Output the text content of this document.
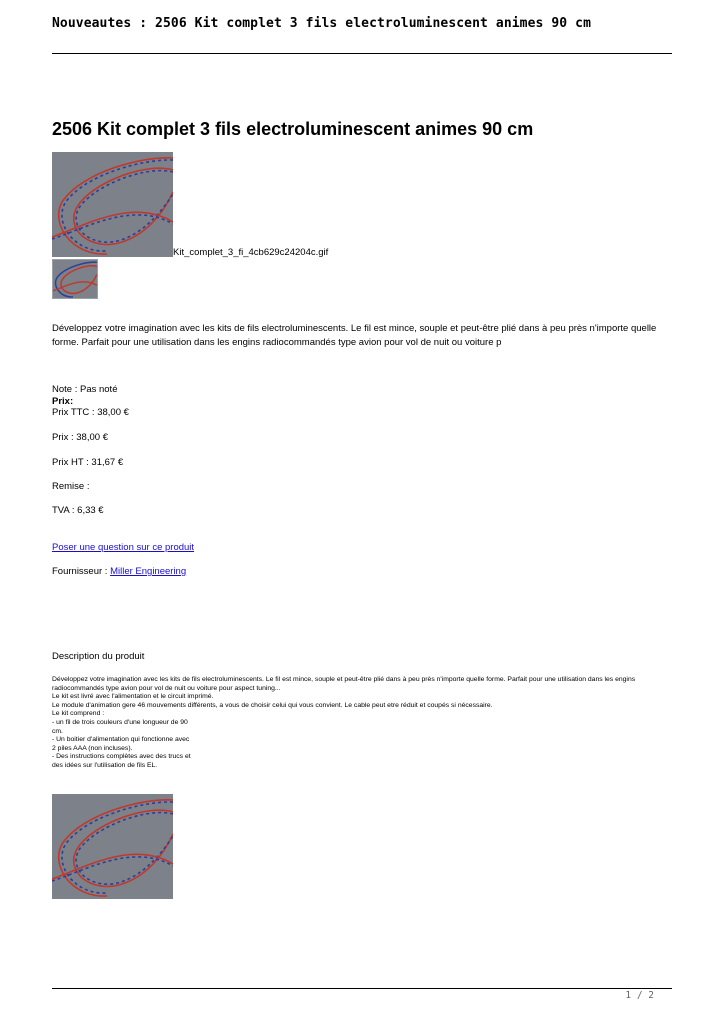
Nouveautes : 2506 Kit complet 3 fils electroluminescent animes 90 cm
2506 Kit complet 3 fils electroluminescent animes 90 cm
Kit_complet_3_fi_4cb629c24204c.gif

Développez votre imagination avec les kits de fils electroluminescents. Le fil est mince, souple et peut-être plié dans à peu près n'importe quelle forme. Parfait pour une utilisation dans les engins radiocommandés type avion pour vol de nuit ou voiture p

Note : Pas noté
Prix:
Prix TTC : 38,00 €
Prix : 38,00 €
Prix HT : 31,67 €
Remise :
TVA : 6,33 €
Poser une question sur ce produit
Fournisseur : Miller Engineering
Description du produit
Développez votre imagination avec les kits de fils electroluminescents. Le fil est mince, souple et peut-être plié dans à peu près n'importe quelle forme. Parfait pour une utilisation dans les engins radiocommandés type avion pour vol de nuit ou voiture pour aspect tuning...
Le kit est livré avec l'alimentation et le circuit imprimé.
Le module d'animation gere 46 mouvements différents, a vous de choisir celui qui vous convient. Le cable peut etre réduit et coupés si nécessaire.
Le kit comprend :
- un fil de trois couleurs d'une longueur de 90 cm.
- Un boitier d'alimentation qui fonctionne avec 2 piles AAA (non incluses).
- Des instructions complètes avec des trucs et des idées sur l'utilisation de fils EL.
1 / 2
